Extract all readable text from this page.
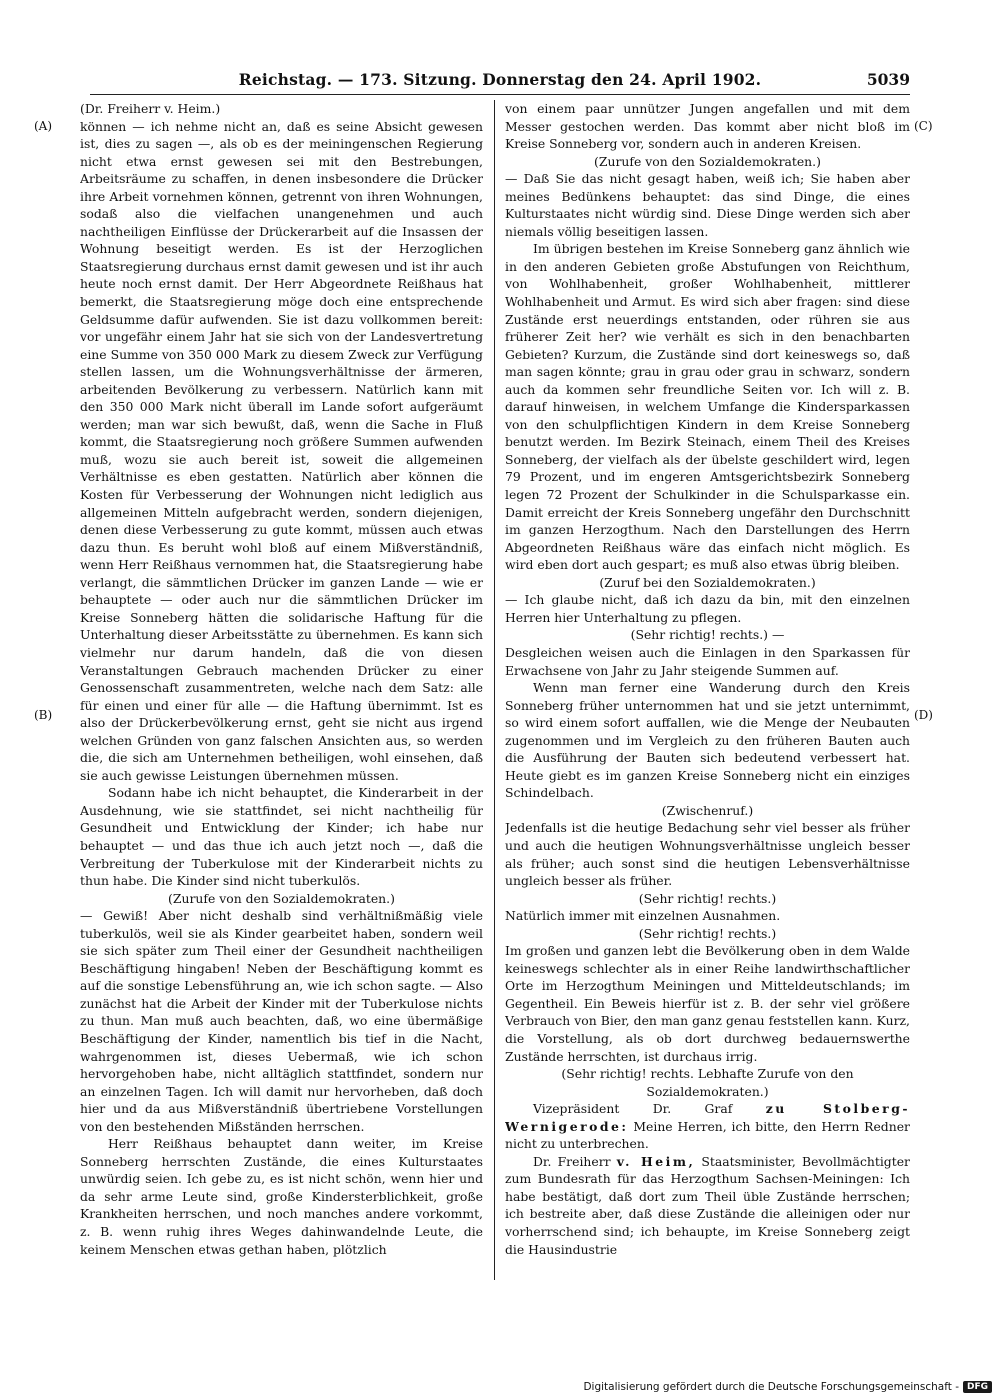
Reichstag. — 173. Sitzung. Donnerstag den 24. April 1902.	5039
(A)
(B)
(C)
(D)

(Dr. Freiherr v. Heim.)

können — ich nehme nicht an, daß es seine Absicht gewesen ist, dies zu sagen —, als ob es der meiningenschen Regierung nicht etwa ernst gewesen sei mit den Bestrebungen, Arbeitsräume zu schaffen, in denen insbesondere die Drücker ihre Arbeit vornehmen können, getrennt von ihren Wohnungen, sodaß also die vielfachen unangenehmen und auch nachtheiligen Einflüsse der Drückerarbeit auf die Insassen der Wohnung beseitigt werden. Es ist der Herzoglichen Staatsregierung durchaus ernst damit gewesen und ist ihr auch heute noch ernst damit. Der Herr Abgeordnete Reißhaus hat bemerkt, die Staatsregierung möge doch eine entsprechende Geldsumme dafür aufwenden. Sie ist dazu vollkommen bereit: vor ungefähr einem Jahr hat sie sich von der Landesvertretung eine Summe von 350 000 Mark zu diesem Zweck zur Verfügung stellen lassen, um die Wohnungsverhältnisse der ärmeren, arbeitenden Bevölkerung zu verbessern. Natürlich kann mit den 350 000 Mark nicht überall im Lande sofort aufgeräumt werden; man war sich bewußt, daß, wenn die Sache in Fluß kommt, die Staatsregierung noch größere Summen aufwenden muß, wozu sie auch bereit ist, soweit die allgemeinen Verhältnisse es eben gestatten. Natürlich aber können die Kosten für Verbesserung der Wohnungen nicht lediglich aus allgemeinen Mitteln aufgebracht werden, sondern diejenigen, denen diese Verbesserung zu gute kommt, müssen auch etwas dazu thun. Es beruht wohl bloß auf einem Mißverständniß, wenn Herr Reißhaus vernommen hat, die Staatsregierung habe verlangt, die sämmtlichen Drücker im ganzen Lande — wie er behauptete — oder auch nur die sämmtlichen Drücker im Kreise Sonneberg hätten die solidarische Haftung für die Unterhaltung dieser Arbeitsstätte zu übernehmen. Es kann sich vielmehr nur darum handeln, daß die von diesen Veranstaltungen Gebrauch machenden Drücker zu einer Genossenschaft zusammentreten, welche nach dem Satz: alle für einen und einer für alle — die Haftung übernimmt. Ist es also der Drückerbevölkerung ernst, geht sie nicht aus irgend welchen Gründen von ganz falschen Ansichten aus, so werden die, die sich am Unternehmen betheiligen, wohl einsehen, daß sie auch gewisse Leistungen übernehmen müssen.

Sodann habe ich nicht behauptet, die Kinderarbeit in der Ausdehnung, wie sie stattfindet, sei nicht nachtheilig für Gesundheit und Entwicklung der Kinder; ich habe nur behauptet — und das thue ich auch jetzt noch —, daß die Verbreitung der Tuberkulose mit der Kinderarbeit nichts zu thun habe. Die Kinder sind nicht tuberkulös.

(Zurufe von den Sozialdemokraten.)

— Gewiß! Aber nicht deshalb sind verhältnißmäßig viele tuberkulös, weil sie als Kinder gearbeitet haben, sondern weil sie sich später zum Theil einer der Gesundheit nachtheiligen Beschäftigung hingaben! Neben der Beschäftigung kommt es auf die sonstige Lebensführung an, wie ich schon sagte. — Also zunächst hat die Arbeit der Kinder mit der Tuberkulose nichts zu thun. Man muß auch beachten, daß, wo eine übermäßige Beschäftigung der Kinder, namentlich bis tief in die Nacht, wahrgenommen ist, dieses Uebermaß, wie ich schon hervorgehoben habe, nicht alltäglich stattfindet, sondern nur an einzelnen Tagen. Ich will damit nur hervorheben, daß doch hier und da aus Mißverständniß übertriebene Vorstellungen von den bestehenden Mißständen herrschen.

Herr Reißhaus behauptet dann weiter, im Kreise Sonneberg herrschten Zustände, die eines Kulturstaates unwürdig seien. Ich gebe zu, es ist nicht schön, wenn hier und da sehr arme Leute sind, große Kindersterblichkeit, große Krankheiten herrschen, und noch manches andere vorkommt, z. B. wenn ruhig ihres Weges dahinwandelnde Leute, die keinem Menschen etwas gethan haben, plötzlich

von einem paar unnützer Jungen angefallen und mit dem Messer gestochen werden. Das kommt aber nicht bloß im Kreise Sonneberg vor, sondern auch in anderen Kreisen.

(Zurufe von den Sozialdemokraten.)

— Daß Sie das nicht gesagt haben, weiß ich; Sie haben aber meines Bedünkens behauptet: das sind Dinge, die eines Kulturstaates nicht würdig sind. Diese Dinge werden sich aber niemals völlig beseitigen lassen.

Im übrigen bestehen im Kreise Sonneberg ganz ähnlich wie in den anderen Gebieten große Abstufungen von Reichthum, von Wohlhabenheit, großer Wohlhabenheit, mittlerer Wohlhabenheit und Armut. Es wird sich aber fragen: sind diese Zustände erst neuerdings entstanden, oder rühren sie aus früherer Zeit her? wie verhält es sich in den benachbarten Gebieten? Kurzum, die Zustände sind dort keineswegs so, daß man sagen könnte; grau in grau oder grau in schwarz, sondern auch da kommen sehr freundliche Seiten vor. Ich will z. B. darauf hinweisen, in welchem Umfange die Kindersparkassen von den schulpflichtigen Kindern in dem Kreise Sonneberg benutzt werden. Im Bezirk Steinach, einem Theil des Kreises Sonneberg, der vielfach als der übelste geschildert wird, legen 79 Prozent, und im engeren Amtsgerichtsbezirk Sonneberg legen 72 Prozent der Schulkinder in die Schulsparkasse ein. Damit erreicht der Kreis Sonneberg ungefähr den Durchschnitt im ganzen Herzogthum. Nach den Darstellungen des Herrn Abgeordneten Reißhaus wäre das einfach nicht möglich. Es wird eben dort auch gespart; es muß also etwas übrig bleiben.

(Zuruf bei den Sozialdemokraten.)

— Ich glaube nicht, daß ich dazu da bin, mit den einzelnen Herren hier Unterhaltung zu pflegen.

(Sehr richtig! rechts.) —

Desgleichen weisen auch die Einlagen in den Sparkassen für Erwachsene von Jahr zu Jahr steigende Summen auf.

Wenn man ferner eine Wanderung durch den Kreis Sonneberg früher unternommen hat und sie jetzt unternimmt, so wird einem sofort auffallen, wie die Menge der Neubauten zugenommen und im Vergleich zu den früheren Bauten auch die Ausführung der Bauten sich bedeutend verbessert hat. Heute giebt es im ganzen Kreise Sonneberg nicht ein einziges Schindelbach.

(Zwischenruf.)

Jedenfalls ist die heutige Bedachung sehr viel besser als früher und auch die heutigen Wohnungsverhältnisse ungleich besser als früher; auch sonst sind die heutigen Lebensverhältnisse ungleich besser als früher.

(Sehr richtig! rechts.)

Natürlich immer mit einzelnen Ausnahmen.

(Sehr richtig! rechts.)

Im großen und ganzen lebt die Bevölkerung oben in dem Walde keineswegs schlechter als in einer Reihe landwirthschaftlicher Orte im Herzogthum Meiningen und Mitteldeutschlands; im Gegentheil. Ein Beweis hierfür ist z. B. der sehr viel größere Verbrauch von Bier, den man ganz genau feststellen kann. Kurz, die Vorstellung, als ob dort durchweg bedauernswerthe Zustände herrschten, ist durchaus irrig.

(Sehr richtig! rechts. Lebhafte Zurufe von den

Sozialdemokraten.)

Vizepräsident Dr. Graf	zu Stolberg-Wernigerode: Meine Herren, ich bitte, den Herrn Redner nicht zu unterbrechen.

Dr. Freiherr v. Heim, Staatsminister, Bevollmächtigter zum Bundesrath für das Herzogthum Sachsen-Meiningen: Ich habe bestätigt, daß dort zum Theil üble Zustände herrschen; ich bestreite aber, daß diese Zustände die alleinigen oder nur vorherrschend sind; ich behaupte, im Kreise Sonneberg zeigt die Hausindustrie

Digitalisierung gefördert durch die Deutsche Forschungsgemeinschaft - DFG
